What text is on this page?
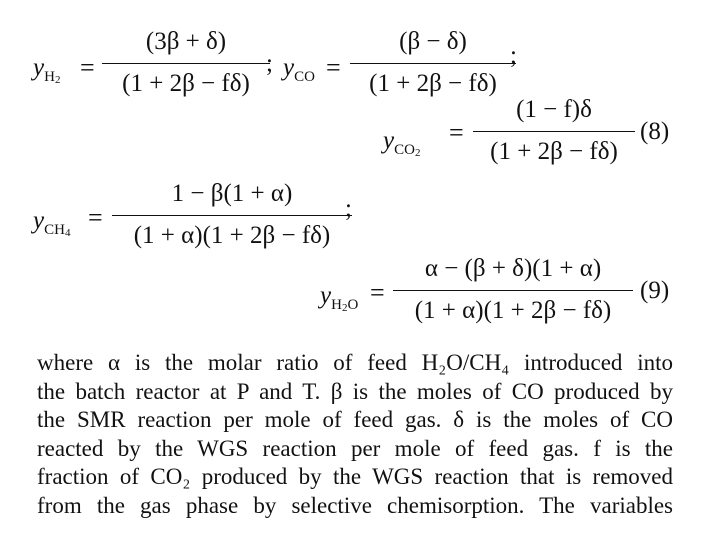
$y_{H_2}$ =
(3β + δ)
(1 + 2β − fδ)
; $y_{CO}$ =
(β − δ)
(1 + 2β − fδ)
;
$y_{CO_2}$
=
(1 − f)δ
(1 + 2β − fδ)
(8)
$y_{CH_4}$
=
1 − β(1 + α)
(1 + α)(1 + 2β − fδ)
;
$y_{H_2O}$ =
α − (β + δ)(1 + α)
(1 + α)(1 + 2β − fδ)
(9)
where α is the molar ratio of feed H₂O/CH₄ introduced into
the batch reactor at P and T. β is the moles of CO produced by
the SMR reaction per mole of feed gas. δ is the moles of CO
reacted by the WGS reaction per mole of feed gas. f is the
fraction of CO₂ produced by the WGS reaction that is removed
from the gas phase by selective chemisorption. The variables
